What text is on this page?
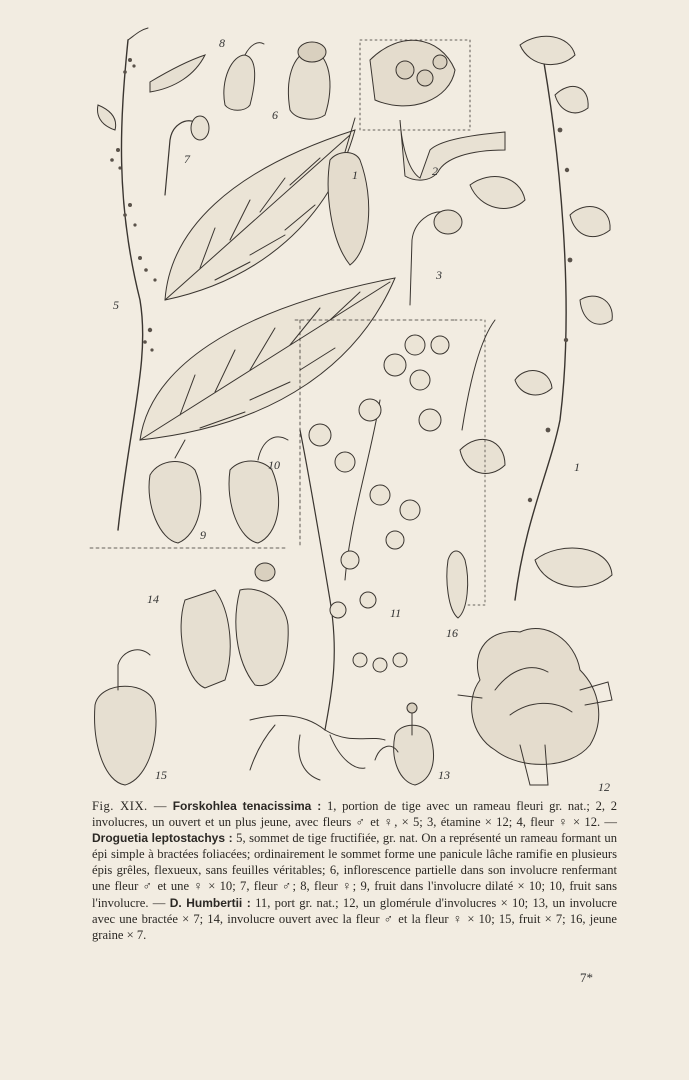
8
6
7
2
1
3
5
1
10
9
14
11
16
15	13
12
Fig. XIX. — Forskohlea tenacissima : 1, portion de tige avec un rameau fleuri gr. nat.; 2, 2 involucres, un ouvert et un plus jeune, avec fleurs ♂ et ♀, × 5; 3, étamine × 12; 4, fleur ♀ × 12. — Droguetia leptostachys : 5, sommet de tige fructifiée, gr. nat. On a représenté un rameau formant un épi simple à bractées foliacées; ordinairement le sommet forme une panicule lâche ramifie en plusieurs épis grêles, flexueux, sans feuilles véritables; 6, inflorescence partielle dans son involucre renfermant une fleur ♂ et une ♀ × 10; 7, fleur ♂; 8, fleur ♀; 9, fruit dans l'involucre dilaté × 10; 10, fruit sans l'involucre. — D. Humbertii : 11, port gr. nat.; 12, un glomérule d'involucres × 10; 13, un involucre avec une bractée × 7; 14, involucre ouvert avec la fleur ♂ et la fleur ♀ × 10; 15, fruit × 7; 16, jeune graine × 7.
7*
